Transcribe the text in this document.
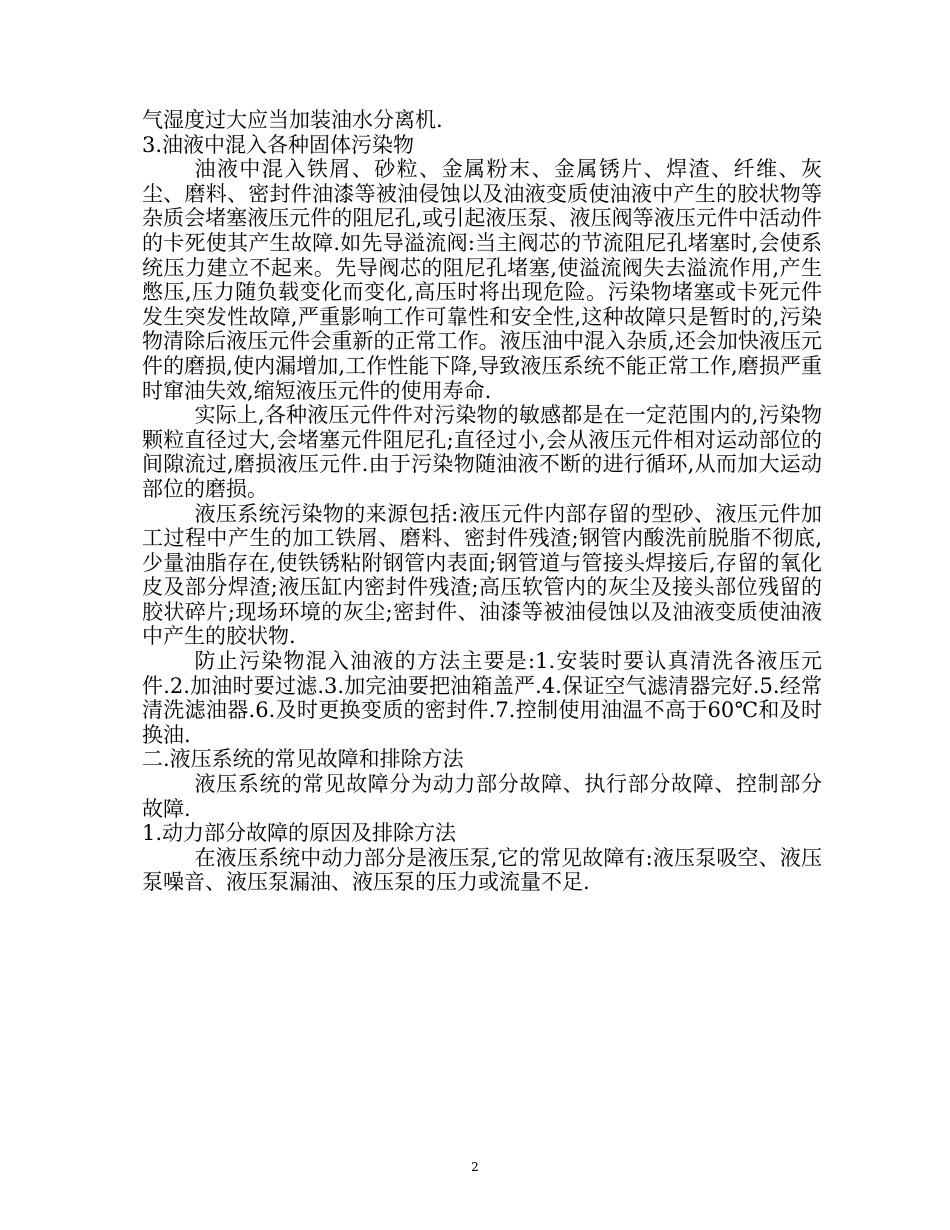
气湿度过大应当加装油水分离机.

3.油液中混入各种固体污染物

油液中混入铁屑、砂粒、金属粉末、金属锈片、焊渣、纤维、灰尘、磨料、密封件油漆等被油侵蚀以及油液变质使油液中产生的胶状物等杂质会堵塞液压元件的阻尼孔,或引起液压泵、液压阀等液压元件中活动件的卡死使其产生故障.如先导溢流阀:当主阀芯的节流阻尼孔堵塞时,会使系统压力建立不起来。先导阀芯的阻尼孔堵塞,使溢流阀失去溢流作用,产生憋压,压力随负载变化而变化,高压时将出现危险。污染物堵塞或卡死元件发生突发性故障,严重影响工作可靠性和安全性,这种故障只是暂时的,污染物清除后液压元件会重新的正常工作。液压油中混入杂质,还会加快液压元件的磨损,使内漏增加,工作性能下降,导致液压系统不能正常工作,磨损严重时窜油失效,缩短液压元件的使用寿命.

实际上,各种液压元件件对污染物的敏感都是在一定范围内的,污染物颗粒直径过大,会堵塞元件阻尼孔;直径过小,会从液压元件相对运动部位的间隙流过,磨损液压元件.由于污染物随油液不断的进行循环,从而加大运动部位的磨损。

液压系统污染物的来源包括:液压元件内部存留的型砂、液压元件加工过程中产生的加工铁屑、磨料、密封件残渣;钢管内酸洗前脱脂不彻底,少量油脂存在,使铁锈粘附钢管内表面;钢管道与管接头焊接后,存留的氧化皮及部分焊渣;液压缸内密封件残渣;高压软管内的灰尘及接头部位残留的胶状碎片;现场环境的灰尘;密封件、油漆等被油侵蚀以及油液变质使油液中产生的胶状物.

防止污染物混入油液的方法主要是:1.安装时要认真清洗各液压元件.2.加油时要过滤.3.加完油要把油箱盖严.4.保证空气滤清器完好.5.经常清洗滤油器.6.及时更换变质的密封件.7.控制使用油温不高于60℃和及时换油.

二.液压系统的常见故障和排除方法

液压系统的常见故障分为动力部分故障、执行部分故障、控制部分故障.

1.动力部分故障的原因及排除方法

在液压系统中动力部分是液压泵,它的常见故障有:液压泵吸空、液压泵噪音、液压泵漏油、液压泵的压力或流量不足.

2
